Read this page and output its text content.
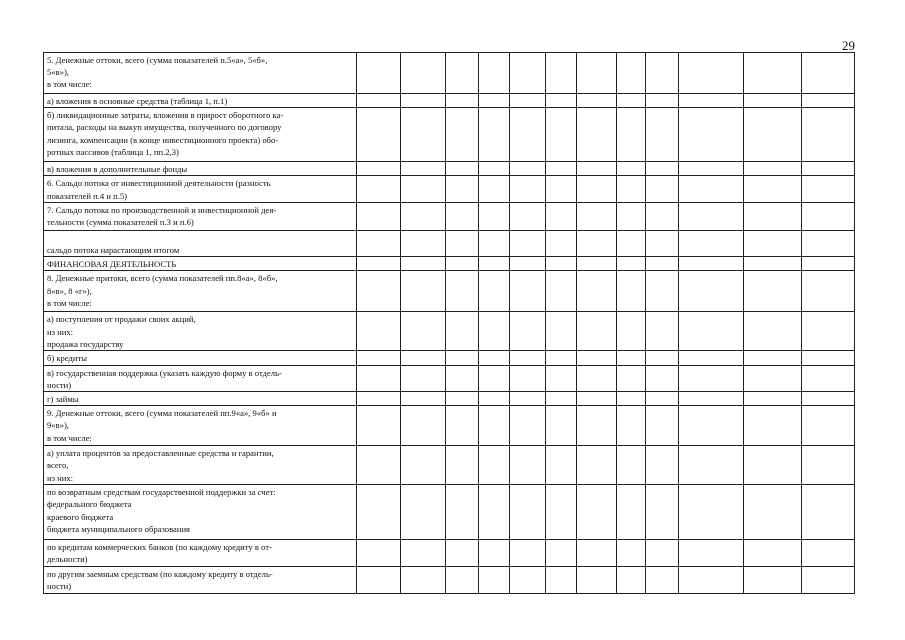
29
5. Денежные оттоки, всего (сумма показателей п.5«а», 5«б»,
5«в»),
в том числе:												

а) вложения в основные средства (таблица 1, п.1)												

б) ликвидационные затраты, вложения в прирост оборотного ка-
питала, расходы на выкуп имущества, полученного по договору
лизинга, компенсации (в конце инвестиционного проекта) обо-
ротных пассивов (таблица 1, пп.2,3)												

в) вложения в дополнительные фонды												

6. Сальдо потока от инвестиционной деятельности (разность
показателей п.4 и п.5)												

7. Сальдо потока по производственной и инвестиционной дея-
тельности (сумма показателей п.3 и п.6)												

сальдо потока нарастающим итогом												

ФИНАНСОВАЯ ДЕЯТЕЛЬНОСТЬ												

8. Денежные притоки, всего (сумма показателей пп.8«а», 8«б»,
8«в», 8 «г»),
в том числе:												

а) поступления от продажи своих акций,
из них:
продажа государству												

б) кредиты												

в) государственная поддержка (указать каждую форму в отдель-
ности)												

г) займы												

9. Денежные оттоки, всего (сумма показателей пп.9«а», 9«б» и
9«в»),
в том числе:												

а) уплата процентов за предоставленные средства и гарантии,
всего,
из них:												

по возвратным средствам государственной поддержки за счет:
федерального бюджета
краевого бюджета
бюджета муниципального образования												

по кредитам коммерческих банков (по каждому кредиту в от-
дельности)												

по другим заемным средствам (по каждому кредиту в отдель-
ности)												
